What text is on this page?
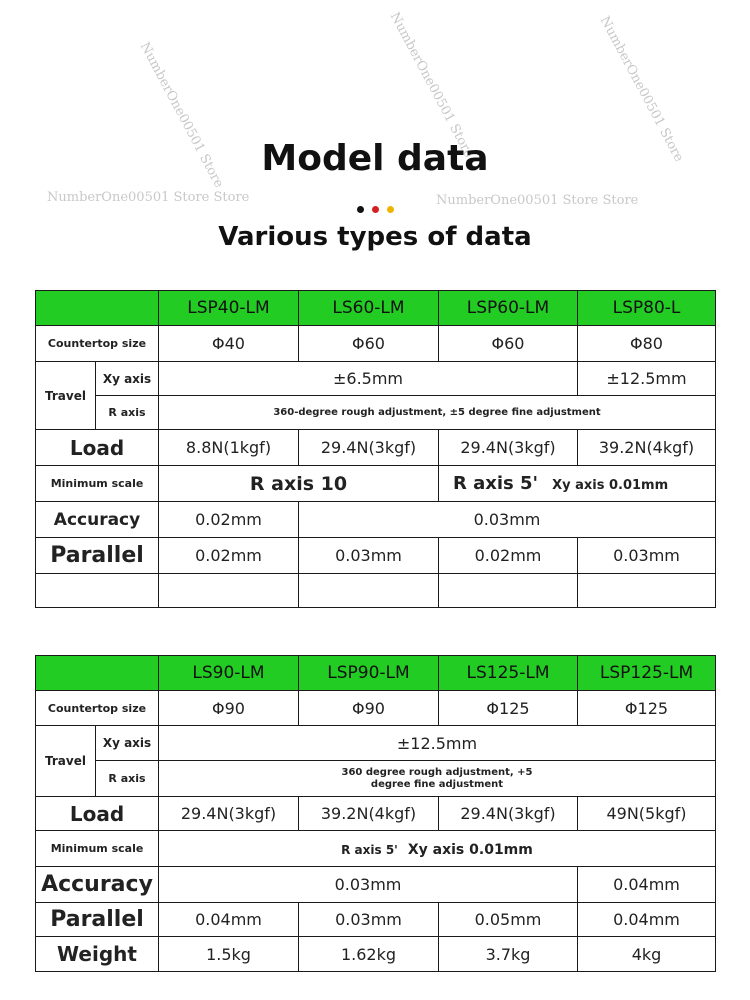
NumberOne00501 Store	NumberOne00501 Store	NumberOne00501 Store
NumberOne00501 Store Store	NumberOne00501 Store Store
Model data
Various types of data
		LSP40-LM	LS60-LM	LSP60-LM	LSP80-L
Countertop size		Φ40	Φ60	Φ60	Φ80
Travel	Xy axis	±6.5mm			±12.5mm
	R axis	360-degree rough adjustment, ±5 degree fine adjustment			
Load		8.8N(1kgf)	29.4N(3kgf)	29.4N(3kgf)	39.2N(4kgf)
Minimum scale		R axis 10		R axis 5' Xy axis 0.01mm	
Accuracy		0.02mm	0.03mm		
Parallel		0.02mm	0.03mm	0.02mm	0.03mm

		LS90-LM	LSP90-LM	LS125-LM	LSP125-LM
Countertop size		Φ90	Φ90	Φ125	Φ125
Travel	Xy axis	±12.5mm			
	R axis	360 degree rough adjustment, +5
degree fine adjustment			

Load		29.4N(3kgf)	39.2N(4kgf)	29.4N(3kgf)	49N(5kgf)
Minimum scale		R axis 5' Xy axis 0.01mm			
Accuracy		0.03mm			0.04mm
Parallel		0.04mm	0.03mm	0.05mm	0.04mm
Weight		1.5kg	1.62kg	3.7kg	4kg
